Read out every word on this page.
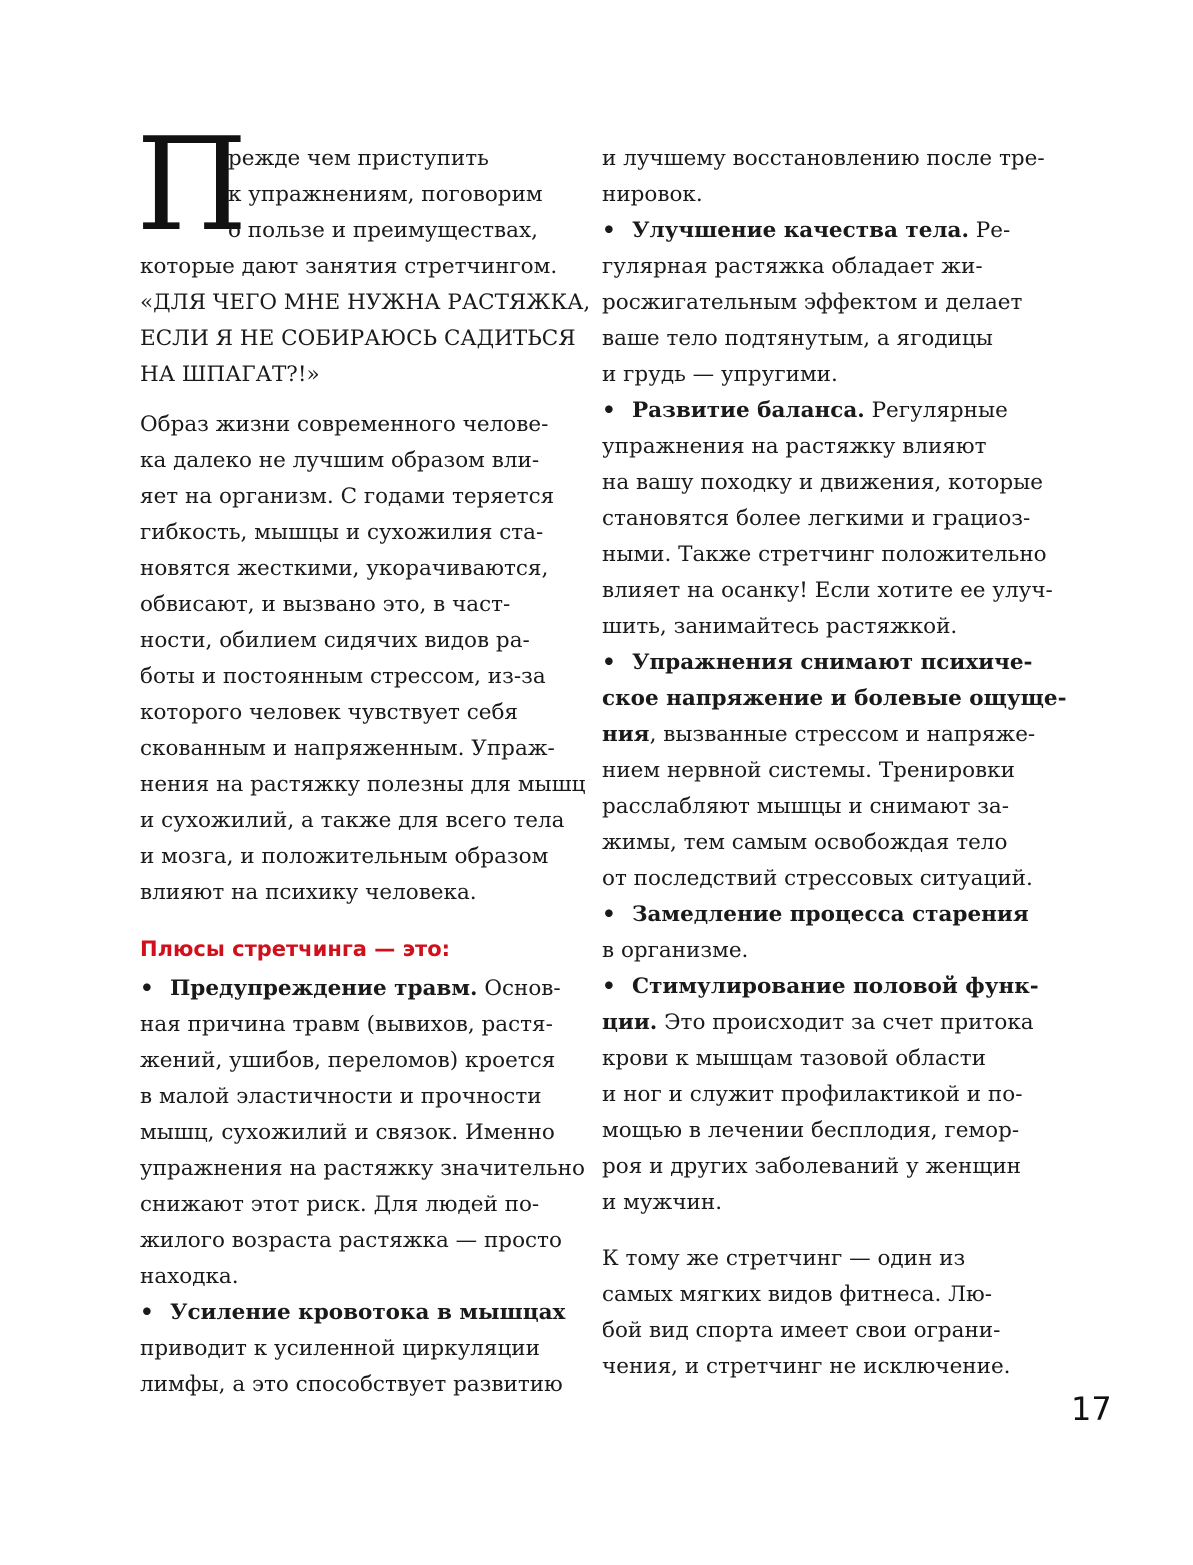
П
режде чем приступить
к упражнениям, поговорим
о пользе и преимуществах,
которые дают занятия стретчингом.
«ДЛЯ ЧЕГО МНЕ НУЖНА РАСТЯЖКА,
ЕСЛИ Я НЕ СОБИРАЮСЬ САДИТЬСЯ
НА ШПАГАТ?!»
Образ жизни современного челове-
ка далеко не лучшим образом вли-
яет на организм. С годами теряется
гибкость, мышцы и сухожилия ста-
новятся жесткими, укорачиваются,
обвисают, и вызвано это, в част-
ности, обилием сидячих видов ра-
боты и постоянным стрессом, из-за
которого человек чувствует себя
скованным и напряженным. Упраж-
нения на растяжку полезны для мышц
и сухожилий, а также для всего тела
и мозга, и положительным образом
влияют на психику человека.
Плюсы стретчинга — это:
• Предупреждение травм. Основ-
ная причина травм (вывихов, растя-
жений, ушибов, переломов) кроется
в малой эластичности и прочности
мышц, сухожилий и связок. Именно
упражнения на растяжку значительно
снижают этот риск. Для людей по-
жилого возраста растяжка — просто
находка.
• Усиление кровотока в мышцах
приводит к усиленной циркуляции
лимфы, а это способствует развитию
и лучшему восстановлению после тре-
нировок.
• Улучшение качества тела. Ре-
гулярная растяжка обладает жи-
росжигательным эффектом и делает
ваше тело подтянутым, а ягодицы
и грудь — упругими.
• Развитие баланса. Регулярные
упражнения на растяжку влияют
на вашу походку и движения, которые
становятся более легкими и грациоз-
ными. Также стретчинг положительно
влияет на осанку! Если хотите ее улуч-
шить, занимайтесь растяжкой.
• Упражнения снимают психиче-
ское напряжение и болевые ощуще-
ния, вызванные стрессом и напряже-
нием нервной системы. Тренировки
расслабляют мышцы и снимают за-
жимы, тем самым освобождая тело
от последствий стрессовых ситуаций.
• Замедление процесса старения
в организме.
• Стимулирование половой функ-
ции. Это происходит за счет притока
крови к мышцам тазовой области
и ног и служит профилактикой и по-
мощью в лечении бесплодия, гемор-
роя и других заболеваний у женщин
и мужчин.
К тому же стретчинг — один из
самых мягких видов фитнеса. Лю-
бой вид спорта имеет свои ограни-
чения, и стретчинг не исключение.
17
